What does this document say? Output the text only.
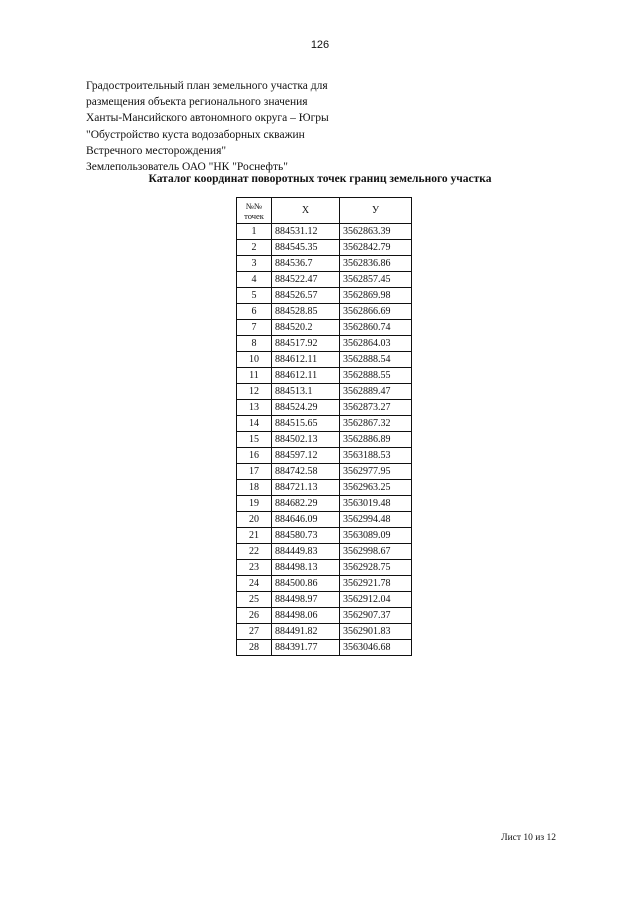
126
Градостроительный план земельного участка для
размещения объекта регионального значения
Ханты-Мансийского автономного округа – Югры
"Обустройство куста водозаборных скважин
Встречного месторождения"
Землепользователь ОАО "НК "Роснефть"
Каталог координат поворотных точек границ земельного участка
№№
точек	X	У
1	884531.12	3562863.39
2	884545.35	3562842.79
3	884536.7	3562836.86
4	884522.47	3562857.45
5	884526.57	3562869.98
6	884528.85	3562866.69
7	884520.2	3562860.74
8	884517.92	3562864.03
10	884612.11	3562888.54
11	884612.11	3562888.55
12	884513.1	3562889.47
13	884524.29	3562873.27
14	884515.65	3562867.32
15	884502.13	3562886.89
16	884597.12	3563188.53
17	884742.58	3562977.95
18	884721.13	3562963.25
19	884682.29	3563019.48
20	884646.09	3562994.48
21	884580.73	3563089.09
22	884449.83	3562998.67
23	884498.13	3562928.75
24	884500.86	3562921.78
25	884498.97	3562912.04
26	884498.06	3562907.37
27	884491.82	3562901.83
28	884391.77	3563046.68
Лист 10 из 12
